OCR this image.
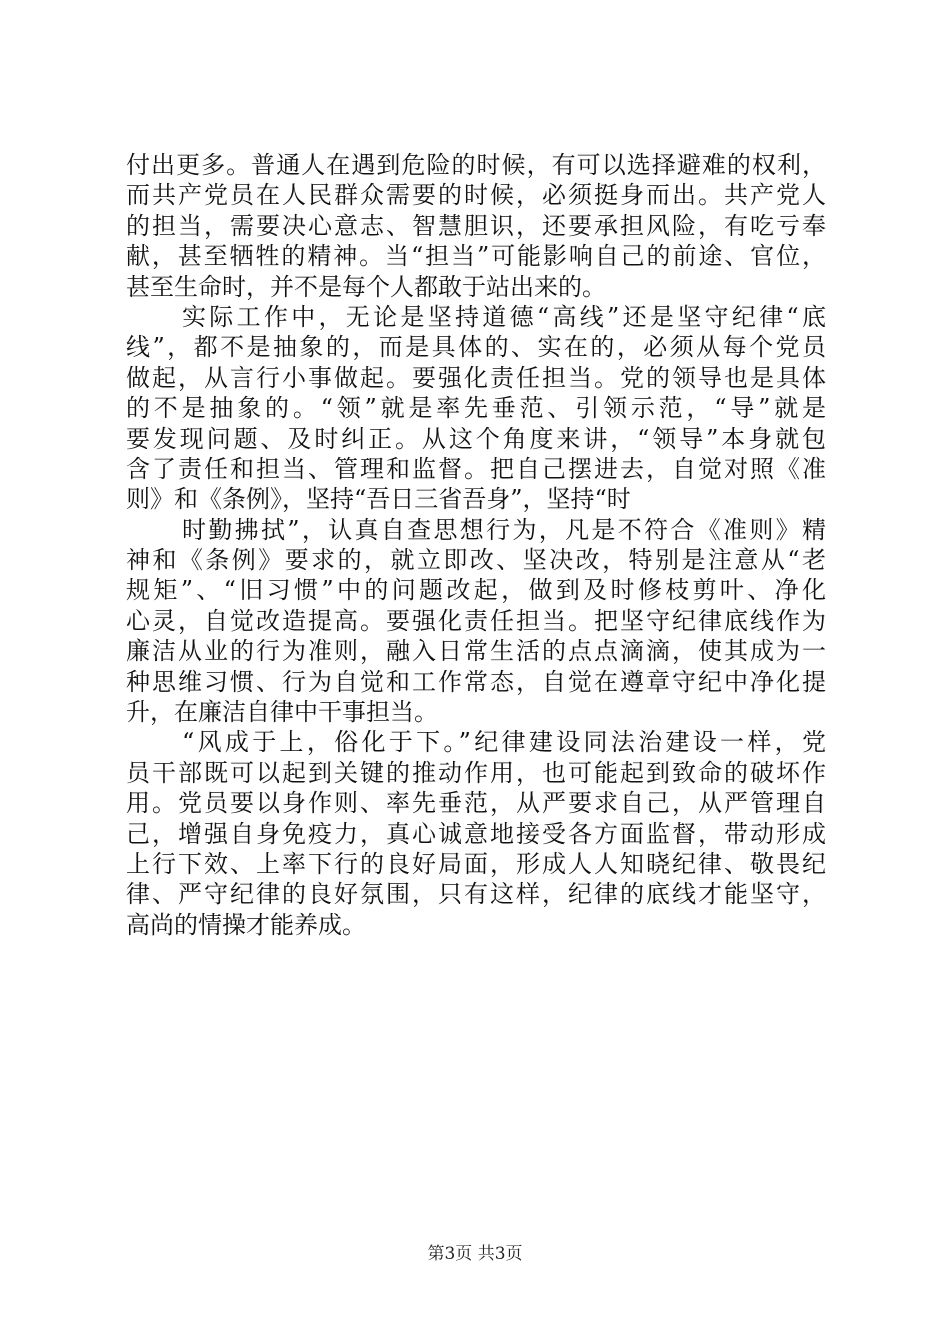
付出更多。普通人在遇到危险的时候，有可以选择避难的权利，
而共产党员在人民群众需要的时候，必须挺身而出。共产党人
的担当，需要决心意志、智慧胆识，还要承担风险，有吃亏奉
献，甚至牺牲的精神。当“担当”可能影响自己的前途、官位，
甚至生命时，并不是每个人都敢于站出来的。
实际工作中，无论是坚持道德“高线”还是坚守纪律“底
线”，都不是抽象的，而是具体的、实在的，必须从每个党员
做起，从言行小事做起。要强化责任担当。党的领导也是具体
的不是抽象的。“领”就是率先垂范、引领示范，“导”就是
要发现问题、及时纠正。从这个角度来讲，“领导”本身就包
含了责任和担当、管理和监督。把自己摆进去，自觉对照《准
则》和《条例》，坚持“吾日三省吾身”，坚持“时
时勤拂拭”，认真自查思想行为，凡是不符合《准则》精
神和《条例》要求的，就立即改、坚决改，特别是注意从“老
规矩”、“旧习惯”中的问题改起，做到及时修枝剪叶、净化
心灵，自觉改造提高。要强化责任担当。把坚守纪律底线作为
廉洁从业的行为准则，融入日常生活的点点滴滴，使其成为一
种思维习惯、行为自觉和工作常态，自觉在遵章守纪中净化提
升，在廉洁自律中干事担当。
“风成于上，俗化于下。”纪律建设同法治建设一样，党
员干部既可以起到关键的推动作用，也可能起到致命的破坏作
用。党员要以身作则、率先垂范，从严要求自己，从严管理自
己，增强自身免疫力，真心诚意地接受各方面监督，带动形成
上行下效、上率下行的良好局面，形成人人知晓纪律、敬畏纪
律、严守纪律的良好氛围，只有这样，纪律的底线才能坚守，
高尚的情操才能养成。
第3页 共3页
